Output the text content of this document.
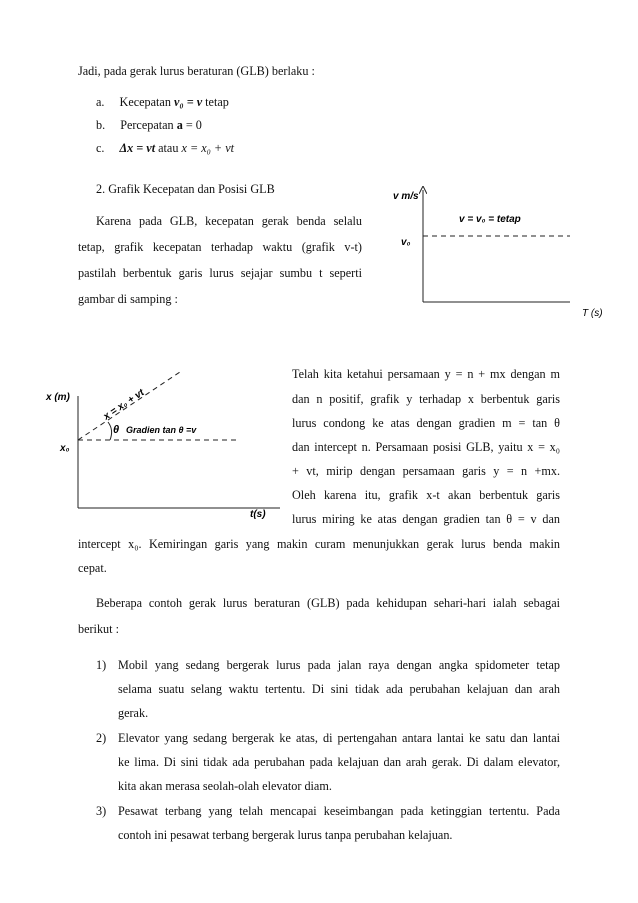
Jadi, pada gerak lurus beraturan (GLB) berlaku :
a. Kecepatan v₀ = v tetap
b. Percepatan a = 0
c. Δx = vt atau x = x₀ + vt
2. Grafik Kecepatan dan Posisi GLB
Karena pada GLB, kecepatan gerak benda selalu
tetap, grafik kecepatan terhadap waktu (grafik v-t)
pastilah berbentuk garis lurus sejajar sumbu t seperti
gambar di samping :
v m/s
v₀
v = v₀ = tetap
T (s)
x (m)
x₀
x = x₀ + vt
θ Gradien tan θ =v
t(s)
Telah kita ketahui persamaan y = n + mx dengan m
dan n positif, grafik y terhadap x berbentuk garis
lurus condong ke atas dengan gradien m = tan θ
dan intercept n. Persamaan posisi GLB, yaitu x = x₀
+ vt, mirip dengan persamaan garis y = n +mx.
Oleh karena itu, grafik x-t akan berbentuk garis
lurus miring ke atas dengan gradien tan θ = v dan
intercept x₀. Kemiringan garis yang makin curam menunjukkan gerak lurus benda makin
cepat.
Beberapa contoh gerak lurus beraturan (GLB) pada kehidupan sehari-hari ialah sebagai
berikut :
1) Mobil yang sedang bergerak lurus pada jalan raya dengan angka spidometer tetap
selama suatu selang waktu tertentu. Di sini tidak ada perubahan kelajuan dan arah
gerak.
2) Elevator yang sedang bergerak ke atas, di pertengahan antara lantai ke satu dan lantai
ke lima. Di sini tidak ada perubahan pada kelajuan dan arah gerak. Di dalam elevator,
kita akan merasa seolah-olah elevator diam.
3) Pesawat terbang yang telah mencapai keseimbangan pada ketinggian tertentu. Pada
contoh ini pesawat terbang bergerak lurus tanpa perubahan kelajuan.
